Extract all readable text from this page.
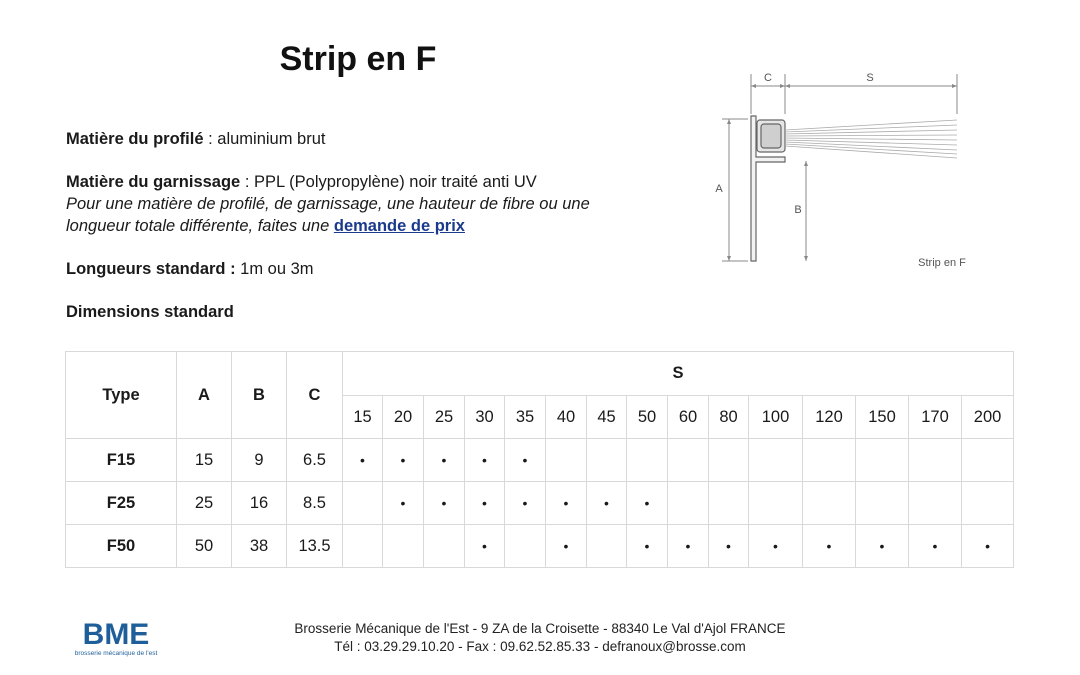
Strip en F

Matière du profilé : aluminium brut

Matière du garnissage : PPL (Polypropylène) noir traité anti UV

Pour une matière de profilé, de garnissage, une hauteur de fibre ou une longueur totale différente, faites une demande de prix

Longueurs standard : 1m ou 3m

Dimensions standard

C	S
A
B
Strip en F
Type	A	B	C	S														
				15	20	25	30	35	40	45	50	60	80	100	120	150	170	200
F15	15	9	6.5	•	•	•	•	•										
F25	25	16	8.5		•	•	•	•	•	•	•							
F50	50	38	13.5				•		•		•	•	•	•	•	•	•	•
BME
brosserie mécanique de l'est
Brosserie Mécanique de l'Est - 9 ZA de la Croisette - 88340 Le Val d'Ajol FRANCE
Tél : 03.29.29.10.20 - Fax : 09.62.52.85.33 - defranoux@brosse.com
